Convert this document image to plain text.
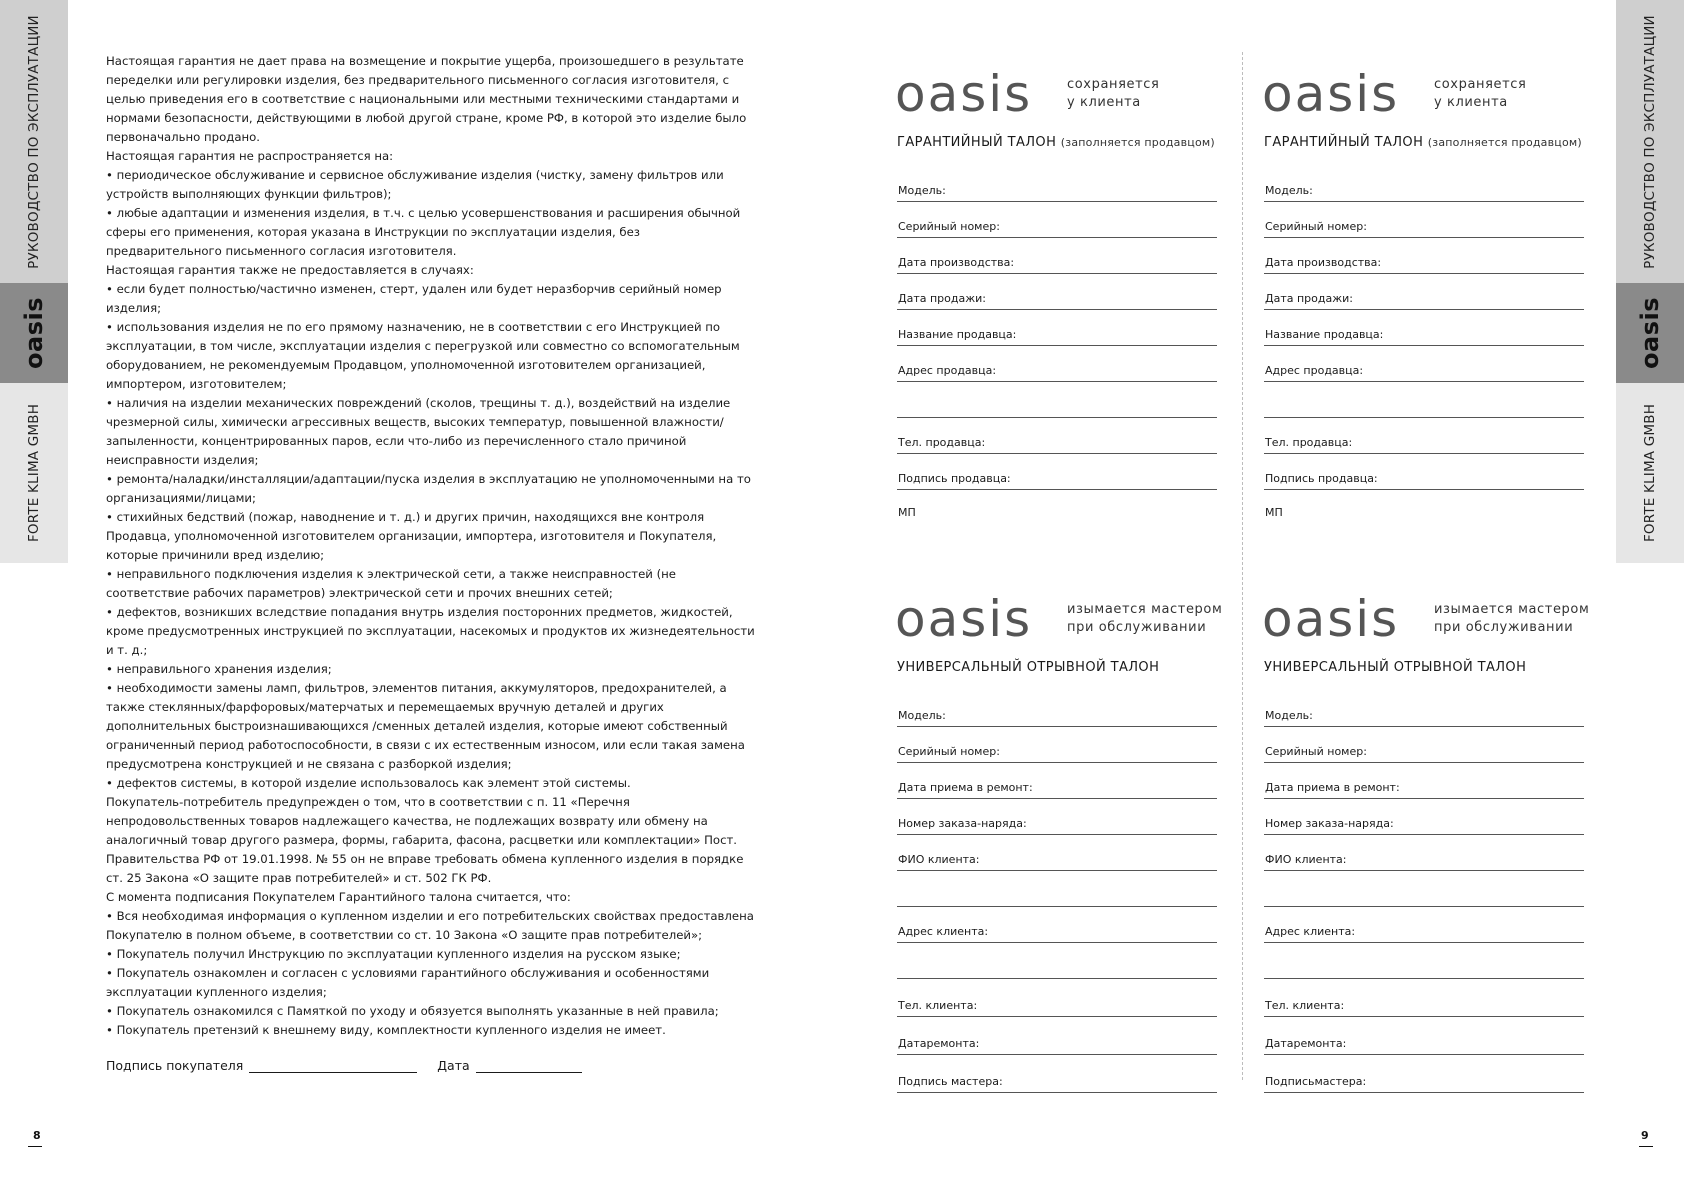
РУКОВОДСТВО ПО ЭКСПЛУАТАЦИИ
oasis
FORTE KLIMA GMBH
РУКОВОДСТВО ПО ЭКСПЛУАТАЦИИ
oasis
FORTE KLIMA GMBH

Настоящая гарантия не дает права на возмещение и покрытие ущерба, произошедшего в результате переделки или регулировки изделия, без предварительного письменного согласия изготовителя, с целью приведения его в соответствие с национальными или местными техническими стандартами и нормами безопасности, действующими в любой другой стране, кроме РФ, в которой это изделие было первоначально продано.

Настоящая гарантия не распространяется на:

• периодическое обслуживание и сервисное обслуживание изделия (чистку, замену фильтров или устройств выполняющих функции фильтров);

• любые адаптации и изменения изделия, в т.ч. с целью усовершенствования и расширения обычной сферы его применения, которая указана в Инструкции по эксплуатации изделия, без предварительного письменного согласия изготовителя.

Настоящая гарантия также не предоставляется в случаях:

• если будет полностью/частично изменен, стерт, удален или будет неразборчив серийный номер изделия;

• использования изделия не по его прямому назначению, не в соответствии с его Инструкцией по эксплуатации, в том числе, эксплуатации изделия с перегрузкой или совместно со вспомогательным оборудованием, не рекомендуемым Продавцом, уполномоченной изготовителем организацией, импортером, изготовителем;

• наличия на изделии механических повреждений (сколов, трещины т. д.), воздействий на изделие чрезмерной силы, химически агрессивных веществ, высоких температур, повышенной влажности/запыленности, концентрированных паров, если что-либо из перечисленного стало причиной неисправности изделия;

• ремонта/наладки/инсталляции/адаптации/пуска изделия в эксплуатацию не уполномоченными на то организациями/лицами;

• стихийных бедствий (пожар, наводнение и т. д.) и других причин, находящихся вне контроля Продавца, уполномоченной изготовителем организации, импортера, изготовителя и Покупателя, которые причинили вред изделию;

• неправильного подключения изделия к электрической сети, а также неисправностей (не соответствие рабочих параметров) электрической сети и прочих внешних сетей;

• дефектов, возникших вследствие попадания внутрь изделия посторонних предметов, жидкостей, кроме предусмотренных инструкцией по эксплуатации, насекомых и продуктов их жизнедеятельности и т. д.;

• неправильного хранения изделия;

• необходимости замены ламп, фильтров, элементов питания, аккумуляторов, предохранителей, а также стеклянных/фарфоровых/матерчатых и перемещаемых вручную деталей и других дополнительных быстроизнашивающихся /сменных деталей изделия, которые имеют собственный ограниченный период работоспособности, в связи с их естественным износом, или если такая замена предусмотрена конструкцией и не связана с разборкой изделия;

• дефектов системы, в которой изделие использовалось как элемент этой системы.

Покупатель-потребитель предупрежден о том, что в соответствии с п. 11 «Перечня непродовольственных товаров надлежащего качества, не подлежащих возврату или обмену на аналогичный товар другого размера, формы, габарита, фасона, расцветки или комплектации» Пост. Правительства РФ от 19.01.1998. № 55 он не вправе требовать обмена купленного изделия в порядке ст. 25 Закона «О защите прав потребителей» и ст. 502 ГК РФ.

С момента подписания Покупателем Гарантийного талона считается, что:

• Вся необходимая информация о купленном изделии и его потребительских свойствах предоставлена Покупателю в полном объеме, в соответствии со ст. 10 Закона «О защите прав потребителей»;

• Покупатель получил Инструкцию по эксплуатации купленного изделия на русском языке;

• Покупатель ознакомлен и согласен с условиями гарантийного обслуживания и особенностями эксплуатации купленного изделия;

• Покупатель ознакомился с Памяткой по уходу и обязуется выполнять указанные в ней правила;

• Покупатель претензий к внешнему виду, комплектности купленного изделия не имеет.

Подпись покупателя	Дата
oasis	сохраняется
у клиента
ГАРАНТИЙНЫЙ ТАЛОН (заполняется продавцом)
Модель:
Серийный номер:
Дата производства:
Дата продажи:
Название продавца:
Адрес продавца:
Тел. продавца:
Подпись продавца:
МП
oasis	сохраняется
у клиента
ГАРАНТИЙНЫЙ ТАЛОН (заполняется продавцом)
Модель:
Серийный номер:
Дата производства:
Дата продажи:
Название продавца:
Адрес продавца:
Тел. продавца:
Подпись продавца:
МП
oasis	изымается мастером
при обслуживании
УНИВЕРСАЛЬНЫЙ ОТРЫВНОЙ ТАЛОН
Модель:
Серийный номер:
Дата приема в ремонт:
Номер заказа-наряда:
ФИО клиента:
Адрес клиента:
Тел. клиента:
Датаремонта:
Подпись мастера:
oasis	изымается мастером
при обслуживании
УНИВЕРСАЛЬНЫЙ ОТРЫВНОЙ ТАЛОН
Модель:
Серийный номер:
Дата приема в ремонт:
Номер заказа-наряда:
ФИО клиента:
Адрес клиента:
Тел. клиента:
Датаремонта:
Подписьмастера:
8	9
